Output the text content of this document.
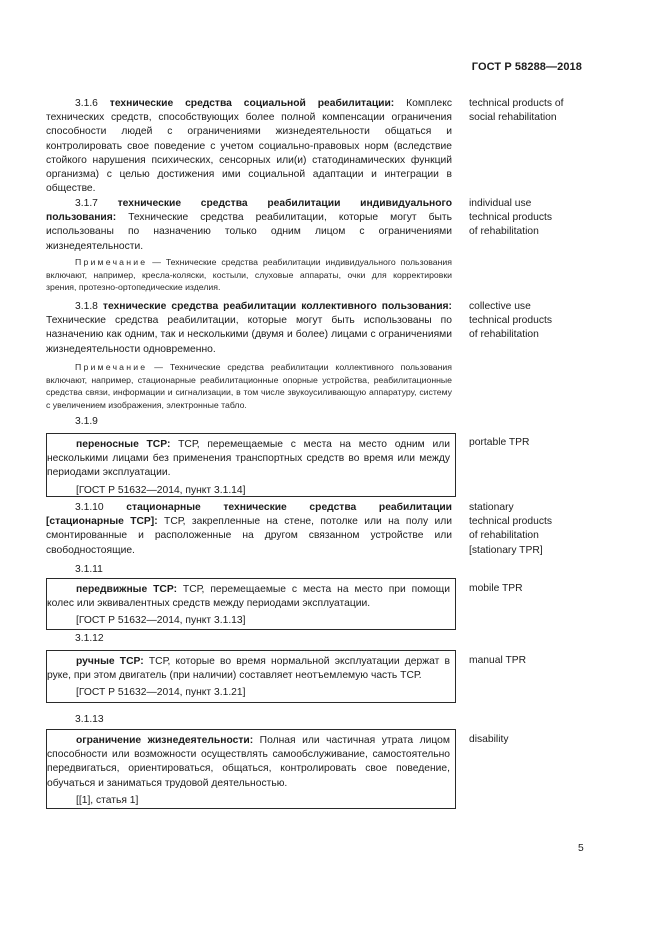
ГОСТ Р 58288—2018
3.1.6 технические средства социальной реабилитации: Комплекс технических средств, способствующих более полной компенсации ограничения способности людей с ограничениями жизнедеятельности общаться и контролировать свое поведение с учетом социально-правовых норм (вследствие стойкого нарушения психических, сенсорных или(и) статодинамических функций организма) с целью достижения ими социальной адаптации и интеграции в обществе.
technical products of
social rehabilitation
3.1.7 технические средства реабилитации индивидуального пользования: Технические средства реабилитации, которые могут быть использованы по назначению только одним лицом с ограничениями жизнедеятельности.
Примечание — Технические средства реабилитации индивидуального пользования включают, например, кресла-коляски, костыли, слуховые аппараты, очки для корректировки зрения, протезно-ортопедические изделия.
individual use
technical products
of rehabilitation
3.1.8 технические средства реабилитации коллективного пользования: Технические средства реабилитации, которые могут быть использованы по назначению как одним, так и несколькими (двумя и более) лицами с ограничениями жизнедеятельности одновременно.
Примечание — Технические средства реабилитации коллективного пользования включают, например, стационарные реабилитационные опорные устройства, реабилитационные средства связи, информации и сигнализации, в том числе звукоусиливающую аппаратуру, систему с увеличением изображения, электронные табло.
collective use
technical products
of rehabilitation
3.1.9
переносные ТСР: ТСР, перемещаемые с места на место одним или несколькими лицами без применения транспортных средств во время или между периодами эксплуатации.
[ГОСТ Р 51632—2014, пункт 3.1.14]
portable TPR
3.1.10 стационарные технические средства реабилитации [стационарные ТСР]: ТСР, закрепленные на стене, потолке или на полу или смонтированные и расположенные на другом связанном устройстве или свободностоящие.
stationary
technical products
of rehabilitation
[stationary TPR]
3.1.11
передвижные ТСР: ТСР, перемещаемые с места на место при помощи колес или эквивалентных средств между периодами эксплуатации.
[ГОСТ Р 51632—2014, пункт 3.1.13]
mobile TPR
3.1.12
ручные ТСР: ТСР, которые во время нормальной эксплуатации держат в руке, при этом двигатель (при наличии) составляет неотъемлемую часть ТСР.
[ГОСТ Р 51632—2014, пункт 3.1.21]
manual TPR
3.1.13
ограничение жизнедеятельности: Полная или частичная утрата лицом способности или возможности осуществлять самообслуживание, самостоятельно передвигаться, ориентироваться, общаться, контролировать свое поведение, обучаться и заниматься трудовой деятельностью.
[[1], статья 1]
disability
5
